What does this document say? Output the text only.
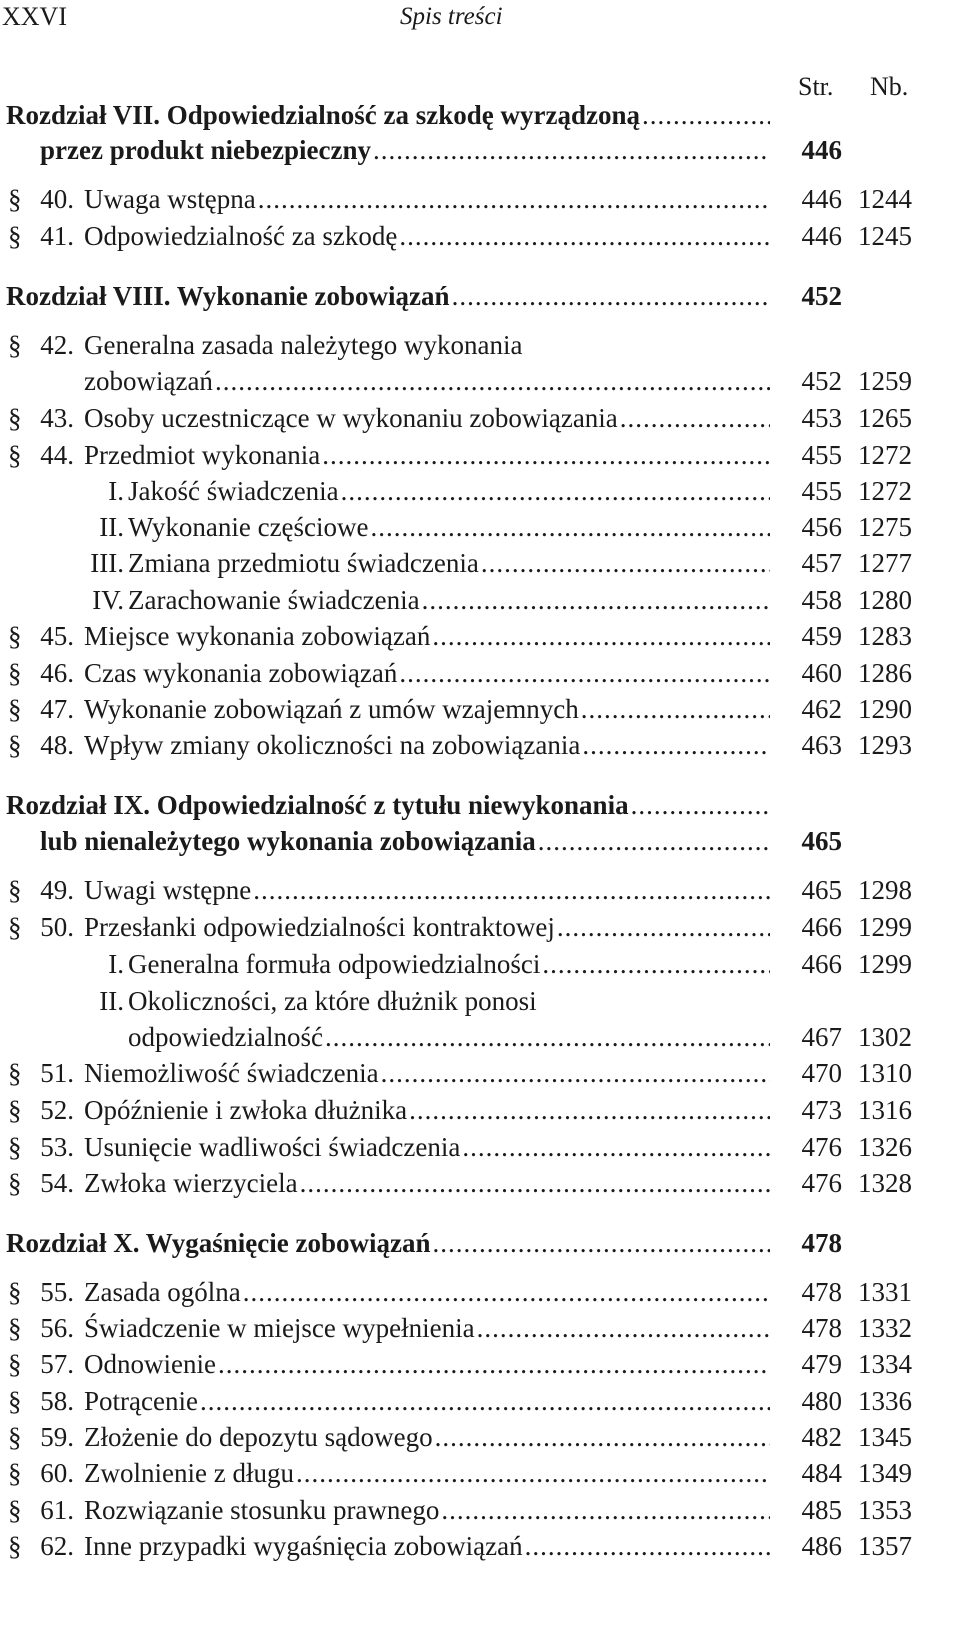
XXVI	Spis treści
Str. Nb.
Rozdział VII. Odpowiedzialność za szkodę wyrządzoną .....
przez produkt niebezpieczny .....	446
§ 40. Uwaga wstępna .....	446 1244
§ 41. Odpowiedzialność za szkodę .....	446 1245
Rozdział VIII. Wykonanie zobowiązań .....	452
§ 42. Generalna zasada należytego wykonania
zobowiązań .....	452 1259
§ 43. Osoby uczestniczące w wykonaniu zobowiązania .....	453 1265
§ 44. Przedmiot wykonania .....	455 1272
I. Jakość świadczenia .....	455 1272
II. Wykonanie częściowe .....	456 1275
III. Zmiana przedmiotu świadczenia .....	457 1277
IV. Zarachowanie świadczenia .....	458 1280
§ 45. Miejsce wykonania zobowiązań .....	459 1283
§ 46. Czas wykonania zobowiązań .....	460 1286
§ 47. Wykonanie zobowiązań z umów wzajemnych .....	462 1290
§ 48. Wpływ zmiany okoliczności na zobowiązania .....	463 1293
Rozdział IX. Odpowiedzialność z tytułu niewykonania .....
lub nienależytego wykonania zobowiązania .....	465
§ 49. Uwagi wstępne .....	465 1298
§ 50. Przesłanki odpowiedzialności kontraktowej .....	466 1299
I. Generalna formuła odpowiedzialności .....	466 1299
II. Okoliczności, za które dłużnik ponosi
odpowiedzialność .....	467 1302
§ 51. Niemożliwość świadczenia .....	470 1310
§ 52. Opóźnienie i zwłoka dłużnika .....	473 1316
§ 53. Usunięcie wadliwości świadczenia .....	476 1326
§ 54. Zwłoka wierzyciela .....	476 1328
Rozdział X. Wygaśnięcie zobowiązań .....	478
§ 55. Zasada ogólna .....	478 1331
§ 56. Świadczenie w miejsce wypełnienia .....	478 1332
§ 57. Odnowienie .....	479 1334
§ 58. Potrącenie .....	480 1336
§ 59. Złożenie do depozytu sądowego .....	482 1345
§ 60. Zwolnienie z długu .....	484 1349
§ 61. Rozwiązanie stosunku prawnego .....	485 1353
§ 62. Inne przypadki wygaśnięcia zobowiązań .....	486 1357
